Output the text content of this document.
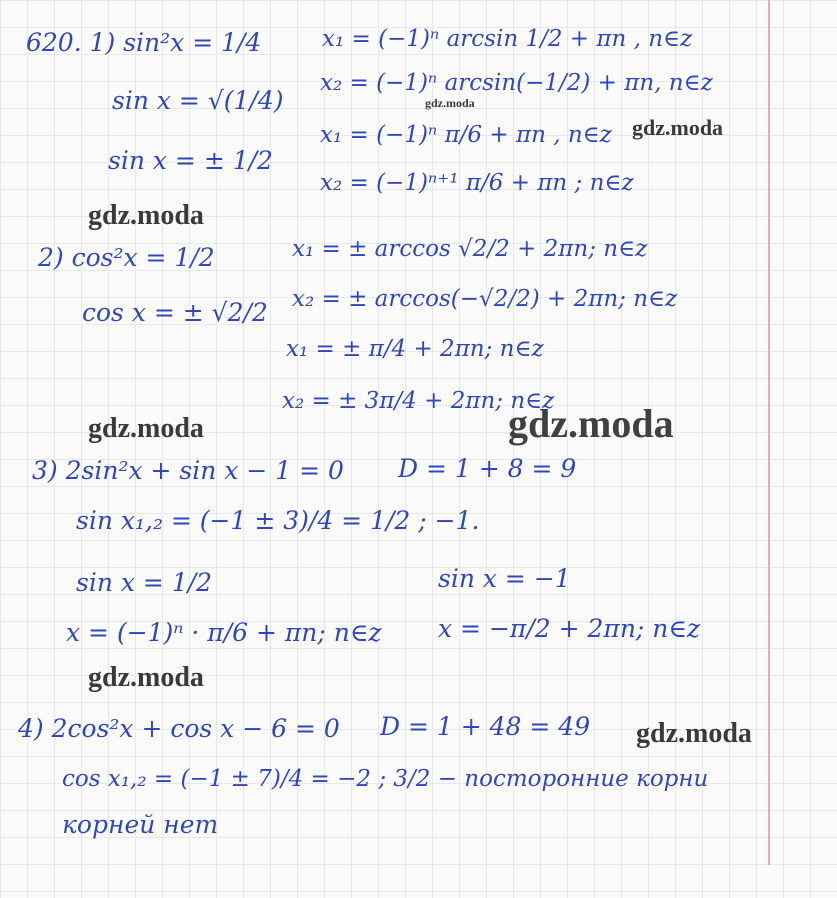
620. 1) sin²x = 1/4
sin x = √(1/4)
sin x = ± 1/2
x₁ = (−1)ⁿ arcsin 1/2 + πn , n∈z
x₂ = (−1)ⁿ arcsin(−1/2) + πn, n∈z
x₁ = (−1)ⁿ π/6 + πn , n∈z
x₂ = (−1)ⁿ⁺¹ π/6 + πn ; n∈z
2) cos²x = 1/2
cos x = ± √2/2
x₁ = ± arccos √2/2 + 2πn; n∈z
x₂ = ± arccos(−√2/2) + 2πn; n∈z
x₁ = ± π/4 + 2πn; n∈z
x₂ = ± 3π/4 + 2πn; n∈z
3) 2sin²x + sin x − 1 = 0 D = 1 + 8 = 9
sin x₁,₂ = (−1 ± 3)/4 = 1/2 ; −1.
sin x = 1/2	sin x = −1
x = (−1)ⁿ · π/6 + πn; n∈z x = −π/2 + 2πn; n∈z
4) 2cos²x + cos x − 6 = 0 D = 1 + 48 = 49
cos x₁,₂ = (−1 ± 7)/4 = −2 ; 3/2 − посторонние корни
корней нет
gdz.moda
gdz.moda
gdz.moda
gdz.moda	gdz.moda
gdz.moda
gdz.moda
